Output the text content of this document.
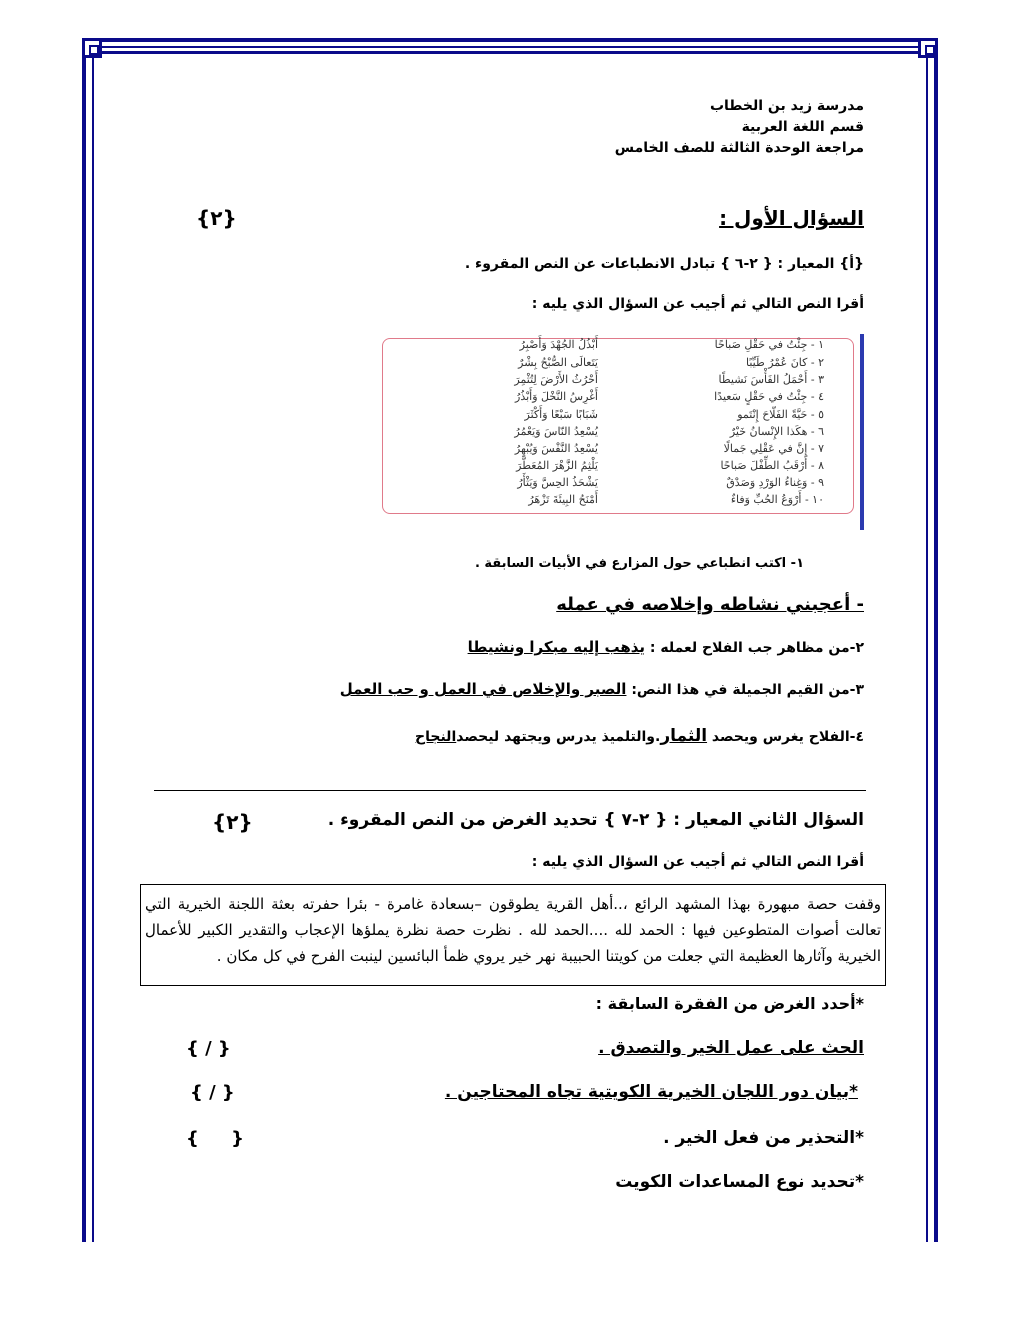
مدرسة زيد بن الخطاب
قسم اللغة العربية
مراجعة الوحدة الثالثة للصف الخامس
السؤال الأول :
{٢}
{أ} المعيار : { ٢-٦ } تبادل الانطباعات عن النص المقروء .
أقرا النص التالي ثم أجيب عن السؤال الذي يليه :
١ - جِئْتُ في حَقْلِ صَباحًا
٢ - كانَ عُمْرُ طَيِّبًا
٣ - أَحْمَلُ الفَأْسَ نَشيطًا
٤ - جِئْتُ في حَقْلٍ سَعيدًا
٥ - حَيَّةً الفَلّاحَ إِنْتَمو
٦ - هكَذا الإِنْسانُ خَيْرٌ
٧ - إِنَّ في عَقْلِي جَمالًا
٨ - أَرْقَبُ الطِّفْلَ صَباحًا
٩ - وَغِناءُ الوَرْدِ وَصَدْقٌ
١٠ - أَرْوَعُ الحُبِّ وَفاءٌ
أَبْذُلُ الجُهْدَ وَأَصْبِرُ
يَتَعالَى الصُّبْحُ بِشْرٌ
أَحْرُثُ الأَرْضَ لِتُثْمِرَ
أَغْرِسُ النَّخْلَ وَأَبْذُرُ
شَبَابًا سَبْعًا وَأَكْثَرَ
يُسْعِدُ النّاسَ وَيَعْمُرُ
يُسْعِدُ النَّفْسَ وَيُبْهِرُ
يَلْثِمُ الزَّهْرَ المُعَطَّرَ
يَشْحَذُ الحِسَّ وَيَثْأَرُ
أَمْنَحُ البِيئَةَ تَزْهَرُ
١- اكتب انطباعي حول المزارع في الأبيات السابقة .
- أعجبني نشاطه وإخلاصه في عمله
٢-من مظاهر جب الفلاح لعمله : يذهب إليه مبكرا ونشيطا
٣-من القيم الجميلة في هذا النص: الصبر والإخلاص في العمل و حب العمل
٤-الفلاح يغرس ويحصد الثمار.والتلميذ يدرس ويجتهد ليحصدالنجاح
السؤال الثاني المعيار : { ٢-٧ } تحديد الغرض من النص المقروء .
{٢}
أقرا النص التالي ثم أجيب عن السؤال الذي يليه :
وقفت حصة مبهورة بهذا المشهد الرائع ،..أهل القرية يطوقون –بسعادة غامرة - بئرا حفرته بعثة اللجنة الخيرية التي تعالت أصوات المتطوعين فيها : الحمد لله ....الحمد لله . نظرت حصة نظرة يملؤها الإعجاب والتقدير الكبير للأعمال الخيرية وآثارها العظيمة التي جعلت من كويتنا الحبيبة نهر خير يروي ظمأ البائسين لينبت الفرح في كل مكان .
*أحدد الغرض من الفقرة السابقة :
الحث على عمل الخير والتصدق .
{ / }
*بيان دور اللجان الخيرية الكويتية تجاه المحتاجين .
{ / }
*التحذير من فعل الخير .
{ }
*تحديد نوع المساعدات الكويت
